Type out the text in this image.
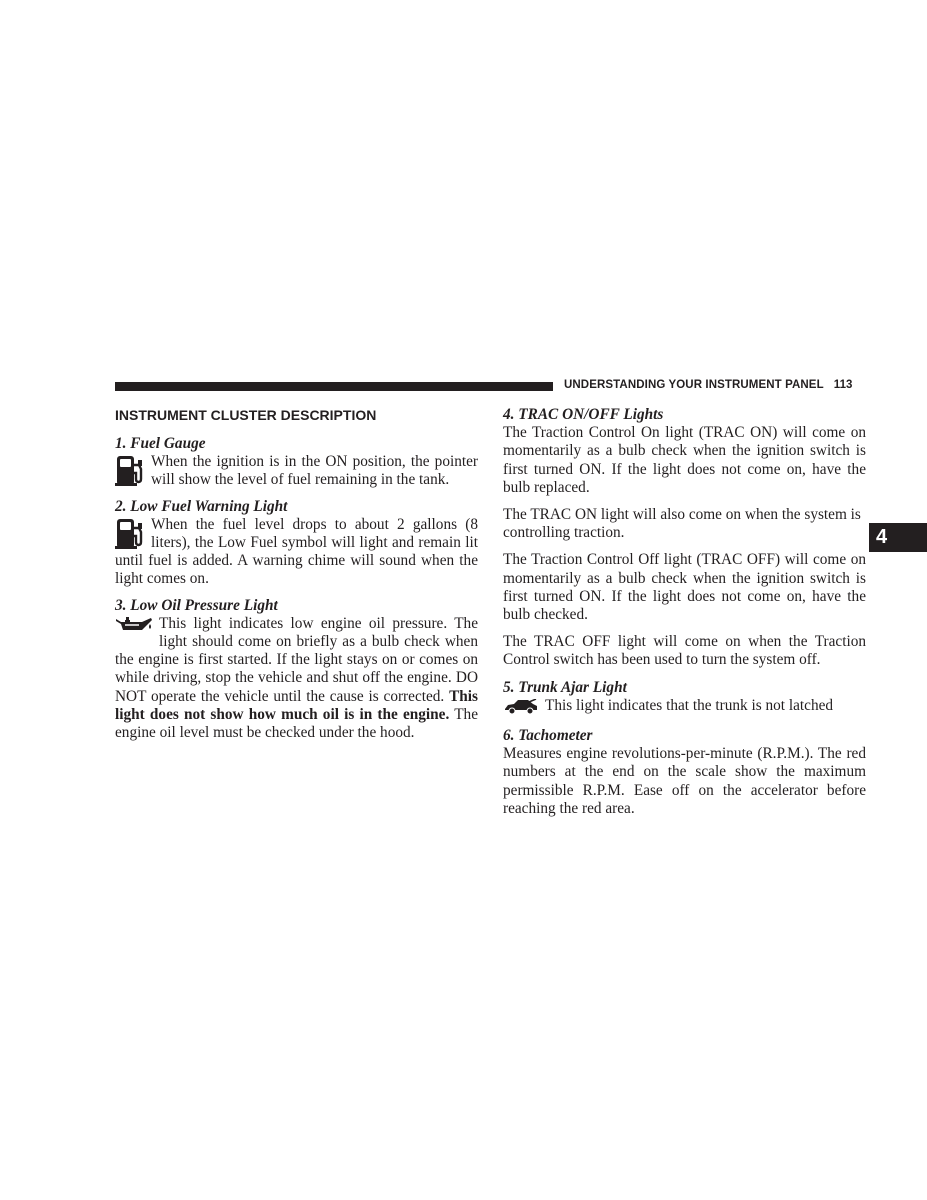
UNDERSTANDING YOUR INSTRUMENT PANEL 113
4
INSTRUMENT CLUSTER DESCRIPTION
1. Fuel Gauge

When the ignition is in the ON position, the pointer will show the level of fuel remaining in the tank.

2. Low Fuel Warning Light

When the fuel level drops to about 2 gallons (8 liters), the Low Fuel symbol will light and remain lit until fuel is added. A warning chime will sound when the light comes on.

3. Low Oil Pressure Light

This light indicates low engine oil pressure. The light should come on briefly as a bulb check when the engine is first started. If the light stays on or comes on while driving, stop the vehicle and shut off the engine. DO NOT operate the vehicle until the cause is corrected. This light does not show how much oil is in the engine. The engine oil level must be checked under the hood.

4. TRAC ON/OFF Lights

The Traction Control On light (TRAC ON) will come on momentarily as a bulb check when the ignition switch is first turned ON. If the light does not come on, have the bulb replaced.

The TRAC ON light will also come on when the system is controlling traction.

The Traction Control Off light (TRAC OFF) will come on momentarily as a bulb check when the ignition switch is first turned ON. If the light does not come on, have the bulb checked.

The TRAC OFF light will come on when the Traction Control switch has been used to turn the system off.

5. Trunk Ajar Light

This light indicates that the trunk is not latched

6. Tachometer

Measures engine revolutions-per-minute (R.P.M.). The red numbers at the end on the scale show the maximum permissible R.P.M. Ease off on the accelerator before reaching the red area.
